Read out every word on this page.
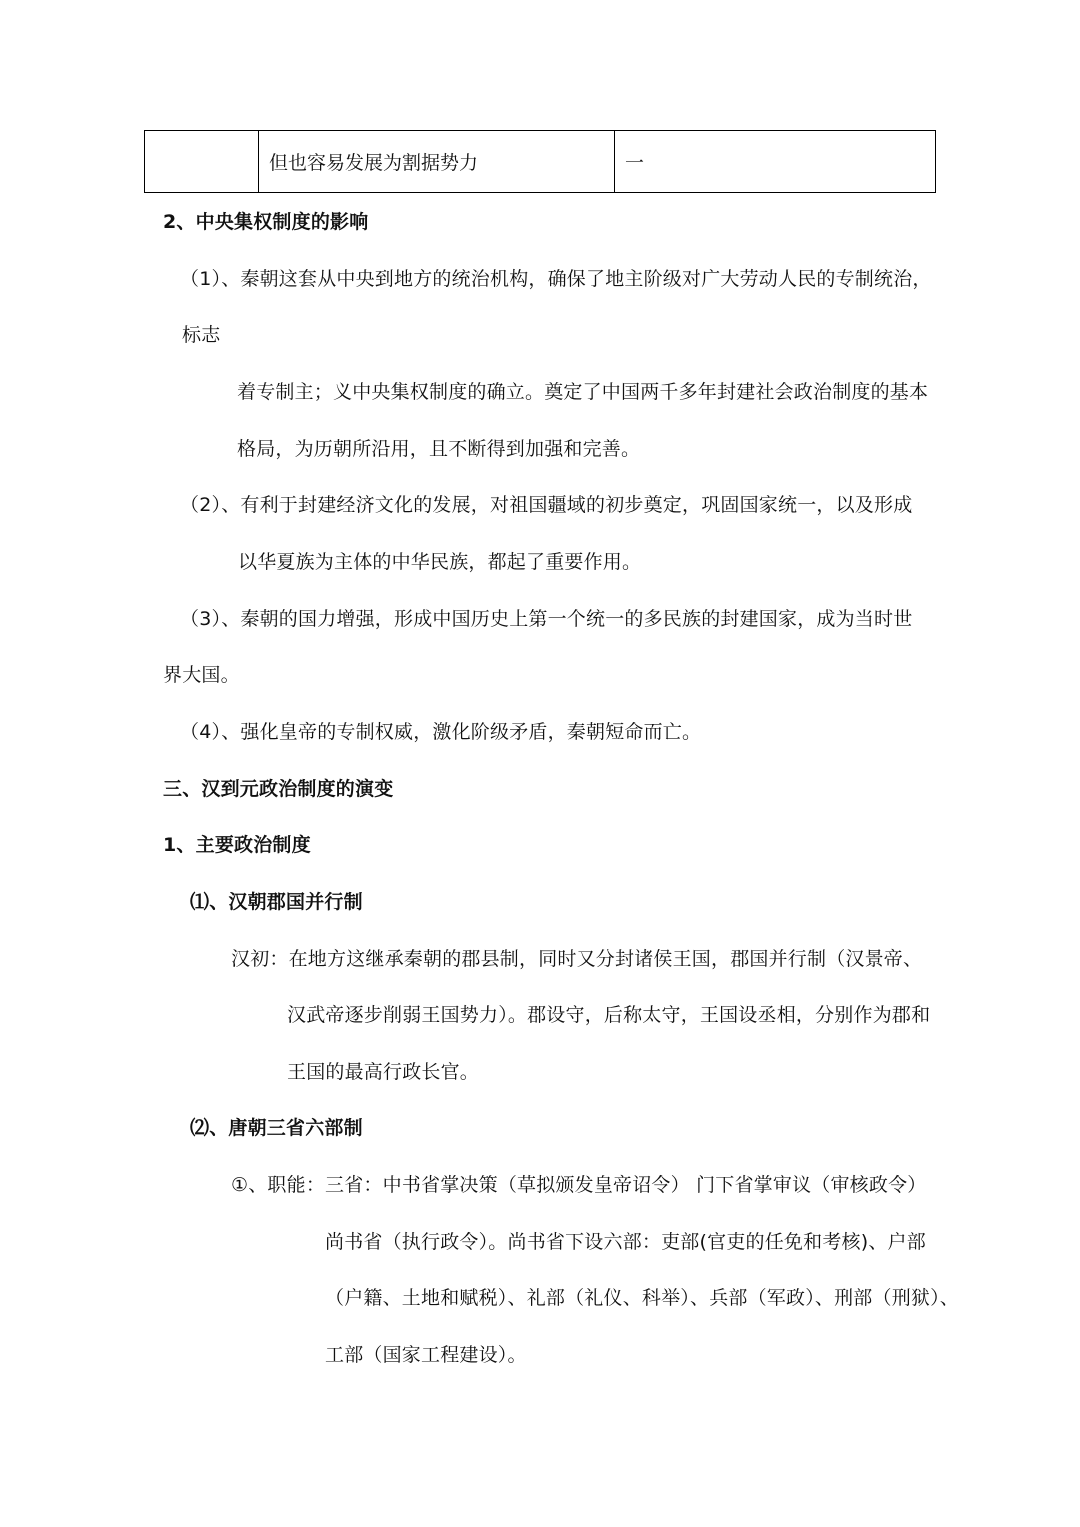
但也容易发展为割据势力	一
2、中央集权制度的影响
（1）、秦朝这套从中央到地方的统治机构，确保了地主阶级对广大劳动人民的专制统治，
标志
着专制主；义中央集权制度的确立。奠定了中国两千多年封建社会政治制度的基本
格局，为历朝所沿用，且不断得到加强和完善。
（2）、有利于封建经济文化的发展，对祖国疆域的初步奠定，巩固国家统一，以及形成
以华夏族为主体的中华民族，都起了重要作用。
（3）、秦朝的国力增强，形成中国历史上第一个统一的多民族的封建国家，成为当时世
界大国。
（4）、强化皇帝的专制权威，激化阶级矛盾，秦朝短命而亡。
三、汉到元政治制度的演变
1、主要政治制度
⑴、汉朝郡国并行制
汉初：在地方这继承秦朝的郡县制，同时又分封诸侯王国，郡国并行制（汉景帝、
汉武帝逐步削弱王国势力）。郡设守，后称太守，王国设丞相，分别作为郡和
王国的最高行政长官。
⑵、唐朝三省六部制
①、职能：三省：中书省掌决策（草拟颁发皇帝诏令） 门下省掌审议（审核政令）
尚书省（执行政令）。尚书省下设六部：吏部(官吏的任免和考核)、户部
（户籍、土地和赋税）、礼部（礼仪、科举）、兵部（军政）、刑部（刑狱）、
工部（国家工程建设）。
